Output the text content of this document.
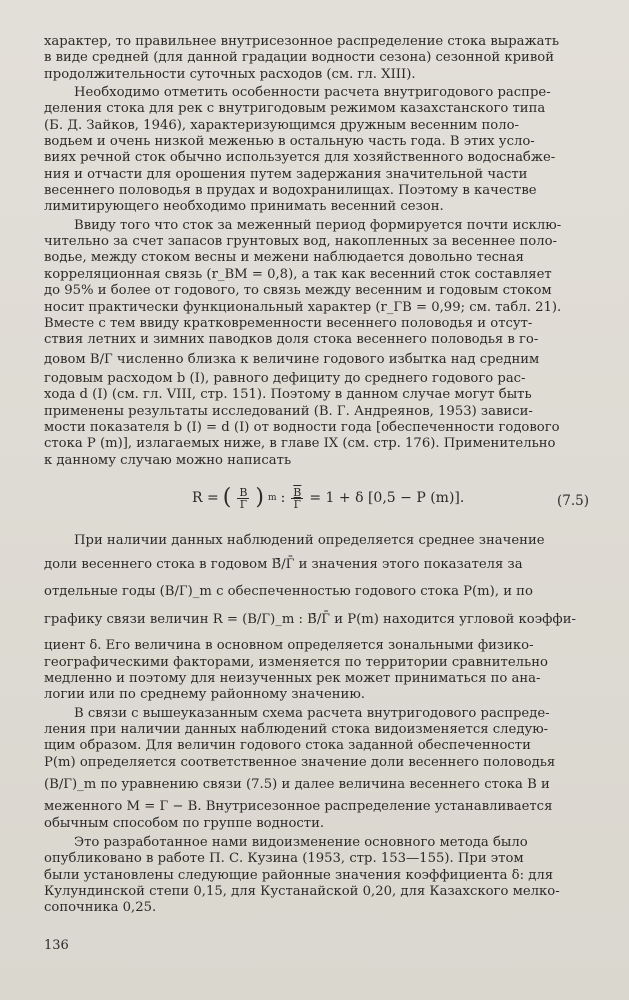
характер, то правильнее внутрисезонное распределение стока выражать
в виде средней (для данной градации водности сезона) сезонной кривой
продолжительности суточных расходов (см. гл. XIII).
Необходимо отметить особенности расчета внутригодового распре-
деления стока для рек с внутригодовым режимом казахстанского типа
(Б. Д. Зайков, 1946), характеризующимся дружным весенним поло-
водьем и очень низкой меженью в остальную часть года. В этих усло-
виях речной сток обычно используется для хозяйственного водоснабже-
ния и отчасти для орошения путем задержания значительной части
весеннего половодья в прудах и водохранилищах. Поэтому в качестве
лимитирующего необходимо принимать весенний сезон.
Ввиду того что сток за меженный период формируется почти исклю-
чительно за счет запасов грунтовых вод, накопленных за весеннее поло-
водье, между стоком весны и межени наблюдается довольно тесная
корреляционная связь (r_ВМ = 0,8), а так как весенний сток составляет
до 95% и более от годового, то связь между весенним и годовым стоком
носит практически функциональный характер (r_ГВ = 0,99; см. табл. 21).
Вместе с тем ввиду кратковременности весеннего половодья и отсут-
ствия летних и зимних паводков доля стока весеннего половодья в го-
довом В/Г численно близка к величине годового избытка над средним
годовым расходом b (I), равного дефициту до среднего годового рас-
хода d (I) (см. гл. VIII, стр. 151). Поэтому в данном случае могут быть
применены результаты исследований (В. Г. Андреянов, 1953) зависи-
мости показателя b (I) = d (I) от водности года [обеспеченности годового
стока P (m)], излагаемых ниже, в главе IX (см. стр. 176). Применительно
к данному случаю можно написать
R = ( $\frac{В}{Г}$ ) m : $\frac{В}{Г} = 1 + \delta$ [0,5 − P (m)].	(7.5)
При наличии данных наблюдений определяется среднее значение
доли весеннего стока в годовом В̄/Г̄ и значения этого показателя за
отдельные годы (В/Г)_m с обеспеченностью годового стока P(m), и по
графику связи величин R = (В/Г)_m : В̄/Г̄ и P(m) находится угловой коэффи-
циент δ. Его величина в основном определяется зональными физико-
географическими факторами, изменяется по территории сравнительно
медленно и поэтому для неизученных рек может приниматься по ана-
логии или по среднему районному значению.
В связи с вышеуказанным схема расчета внутригодового распреде-
ления при наличии данных наблюдений стока видоизменяется следую-
щим образом. Для величин годового стока заданной обеспеченности
P(m) определяется соответственное значение доли весеннего половодья
(В/Г)_m по уравнению связи (7.5) и далее величина весеннего стока В и
меженного М = Г − В. Внутрисезонное распределение устанавливается
обычным способом по группе водности.
Это разработанное нами видоизменение основного метода было
опубликовано в работе П. С. Кузина (1953, стр. 153—155). При этом
были установлены следующие районные значения коэффициента δ: для
Кулундинской степи 0,15, для Кустанайской 0,20, для Казахского мелко-
сопочника 0,25.
136
